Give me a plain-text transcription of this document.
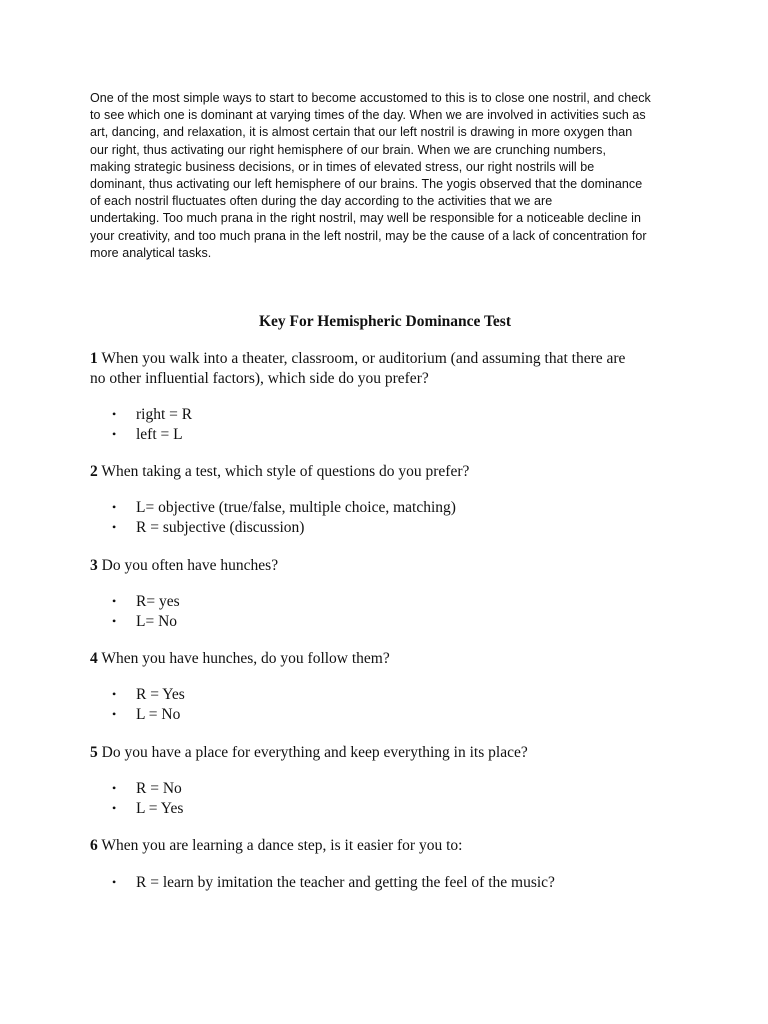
One of the most simple ways to start to become accustomed to this is to close one nostril, and check
to see which one is dominant at varying times of the day. When we are involved in activities such as
art, dancing, and relaxation, it is almost certain that our left nostril is drawing in more oxygen than
our right, thus activating our right hemisphere of our brain. When we are crunching numbers,
making strategic business decisions, or in times of elevated stress, our right nostrils will be
dominant, thus activating our left hemisphere of our brains. The yogis observed that the dominance
of each nostril fluctuates often during the day according to the activities that we are
undertaking. Too much prana in the right nostril, may well be responsible for a noticeable decline in
your creativity, and too much prana in the left nostril, may be the cause of a lack of concentration for
more analytical tasks.

Key For Hemispheric Dominance Test

1 When you walk into a theater, classroom, or auditorium (and assuming that there are
no other influential factors), which side do you prefer?

• right = R
• left = L

2 When taking a test, which style of questions do you prefer?

• L= objective (true/false, multiple choice, matching)
• R = subjective (discussion)

3 Do you often have hunches?

• R= yes
• L= No

4 When you have hunches, do you follow them?

• R = Yes
• L = No

5 Do you have a place for everything and keep everything in its place?

• R = No
• L = Yes

6 When you are learning a dance step, is it easier for you to:

• R = learn by imitation the teacher and getting the feel of the music?
